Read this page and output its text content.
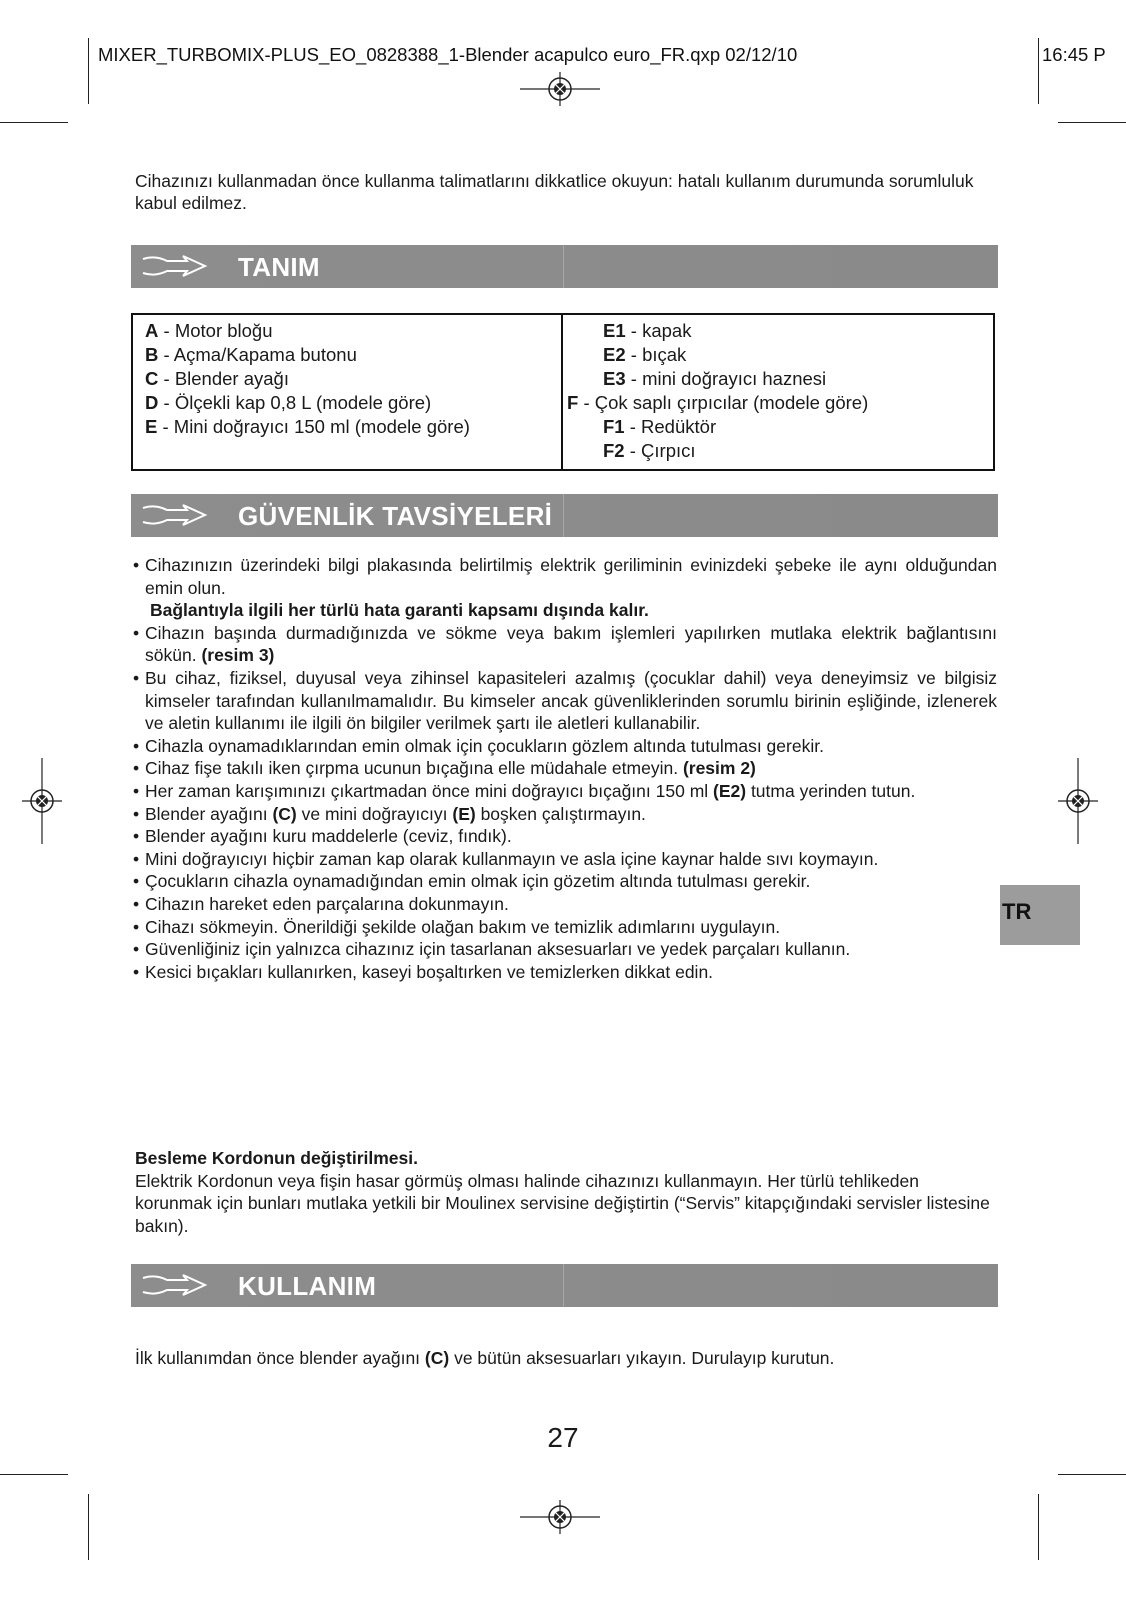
MIXER_TURBOMIX-PLUS_EO_0828388_1-Blender acapulco euro_FR.qxp 02/12/10	16:45 P
Cihazınızı kullanmadan önce kullanma talimatlarını dikkatlice okuyun: hatalı kullanım durumunda sorumluluk kabul edilmez.
TANIM
A - Motor bloğu
B - Açma/Kapama butonu
C - Blender ayağı
D - Ölçekli kap 0,8 L (modele göre)
E - Mini doğrayıcı 150 ml (modele göre)
E1 - kapak
E2 - bıçak
E3 - mini doğrayıcı haznesi
F - Çok saplı çırpıcılar (modele göre)
F1 - Redüktör
F2 - Çırpıcı
GÜVENLİK TAVSİYELERİ
• Cihazınızın üzerindeki bilgi plakasında belirtilmiş elektrik geriliminin evinizdeki şebeke ile aynı olduğundan emin olun.
Bağlantıyla ilgili her türlü hata garanti kapsamı dışında kalır.
• Cihazın başında durmadığınızda ve sökme veya bakım işlemleri yapılırken mutlaka elektrik bağlantısını sökün. (resim 3)
• Bu cihaz, fiziksel, duyusal veya zihinsel kapasiteleri azalmış (çocuklar dahil) veya deneyimsiz ve bilgisiz kimseler tarafından kullanılmamalıdır. Bu kimseler ancak güvenliklerinden sorumlu birinin eşliğinde, izlenerek ve aletin kullanımı ile ilgili ön bilgiler verilmek şartı ile aletleri kullanabilir.
• Cihazla oynamadıklarından emin olmak için çocukların gözlem altında tutulması gerekir.
• Cihaz fişe takılı iken çırpma ucunun bıçağına elle müdahale etmeyin. (resim 2)
• Her zaman karışımınızı çıkartmadan önce mini doğrayıcı bıçağını 150 ml (E2) tutma yerinden tutun.
• Blender ayağını (C) ve mini doğrayıcıyı (E) boşken çalıştırmayın.
• Blender ayağını kuru maddelerle (ceviz, fındık).
• Mini doğrayıcıyı hiçbir zaman kap olarak kullanmayın ve asla içine kaynar halde sıvı koymayın.
• Çocukların cihazla oynamadığından emin olmak için gözetim altında tutulması gerekir.
• Cihazın hareket eden parçalarına dokunmayın.
• Cihazı sökmeyin. Önerildiği şekilde olağan bakım ve temizlik adımlarını uygulayın.
• Güvenliğiniz için yalnızca cihazınız için tasarlanan aksesuarları ve yedek parçaları kullanın.
• Kesici bıçakları kullanırken, kaseyi boşaltırken ve temizlerken dikkat edin.
Besleme Kordonun değiştirilmesi.
Elektrik Kordonun veya fişin hasar görmüş olması halinde cihazınızı kullanmayın. Her türlü tehlikeden korunmak için bunları mutlaka yetkili bir Moulinex servisine değiştirtin (“Servis” kitapçığındaki servisler listesine bakın).
KULLANIM
İlk kullanımdan önce blender ayağını (C) ve bütün aksesuarları yıkayın. Durulayıp kurutun.
27
TR
